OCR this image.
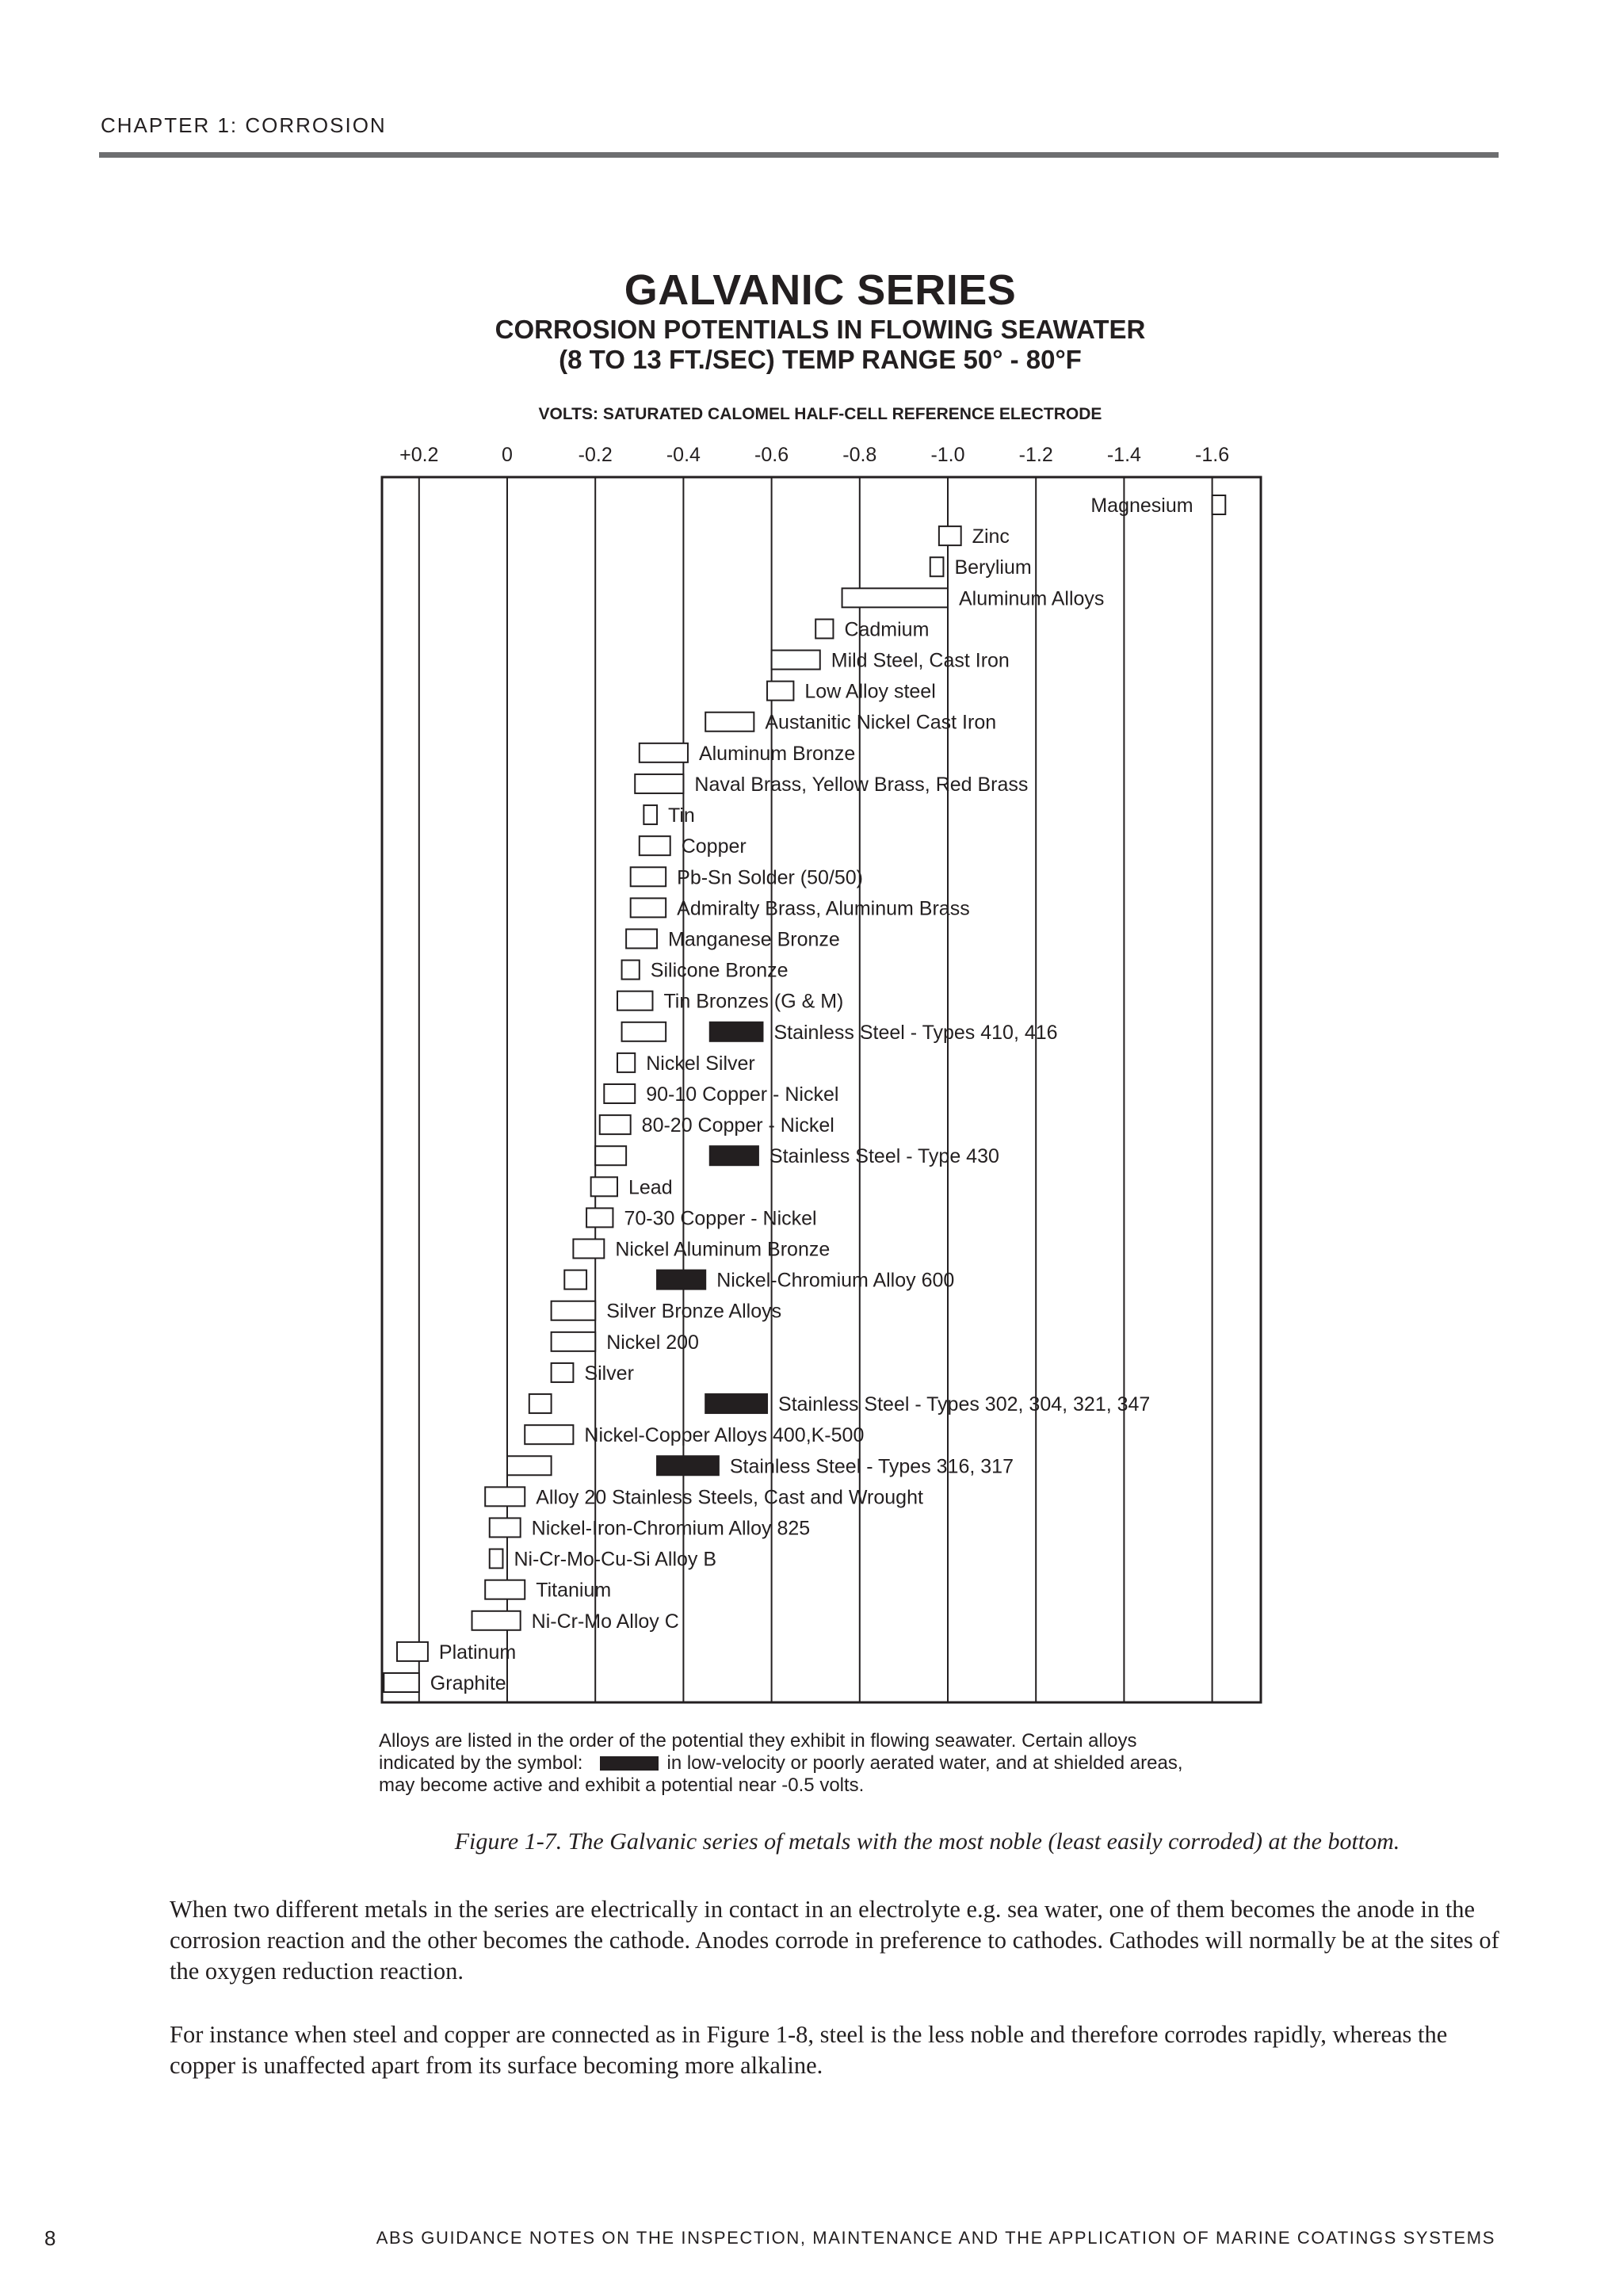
CHAPTER 1: CORROSION
GALVANIC SERIES
CORROSION POTENTIALS IN FLOWING SEAWATER
(8 TO 13 FT./SEC) TEMP RANGE 50° - 80°F
VOLTS: SATURATED CALOMEL HALF-CELL REFERENCE ELECTRODE
+0.2	0	-0.2	-0.4	-0.6	-0.8	-1.0	-1.2	-1.4	-1.6
Magnesium
Zinc
Berylium
Aluminum Alloys
Cadmium
Mild Steel, Cast Iron
Low Alloy steel
Austanitic Nickel Cast Iron
Aluminum Bronze
Naval Brass, Yellow Brass, Red Brass
Tin
Copper
Pb-Sn Solder (50/50)
Admiralty Brass, Aluminum Brass
Manganese Bronze
Silicone Bronze
Tin Bronzes (G & M)
Stainless Steel - Types 410, 416
Nickel Silver
90-10 Copper - Nickel
80-20 Copper - Nickel
Stainless Steel - Type 430
Lead
70-30 Copper - Nickel
Nickel Aluminum Bronze
Nickel-Chromium Alloy 600
Silver Bronze Alloys
Nickel 200
Silver
Stainless Steel - Types 302, 304, 321, 347
Nickel-Copper Alloys 400,K-500
Stainless Steel - Types 316, 317
Alloy 20 Stainless Steels, Cast and Wrought
Nickel-Iron-Chromium Alloy 825
Ni-Cr-Mo-Cu-Si Alloy B
Titanium
Ni-Cr-Mo Alloy C
Platinum
Graphite
Alloys are listed in the order of the potential they exhibit in flowing seawater. Certain alloys
indicated by the symbol:	in low-velocity or poorly aerated water, and at shielded areas,
may become active and exhibit a potential near -0.5 volts.
Figure 1-7. The Galvanic series of metals with the most noble (least easily corroded) at the bottom.

When two different metals in the series are electrically in contact in an electrolyte e.g. sea water, one of them becomes the anode in the corrosion reaction and the other becomes the cathode. Anodes corrode in preference to cathodes. Cathodes will normally be at the sites of the oxygen reduction reaction.

For instance when steel and copper are connected as in Figure 1-8, steel is the less noble and therefore corrodes rapidly, whereas the copper is unaffected apart from its surface becoming more alkaline.

8	ABS GUIDANCE NOTES ON THE INSPECTION, MAINTENANCE AND THE APPLICATION OF MARINE COATINGS SYSTEMS
